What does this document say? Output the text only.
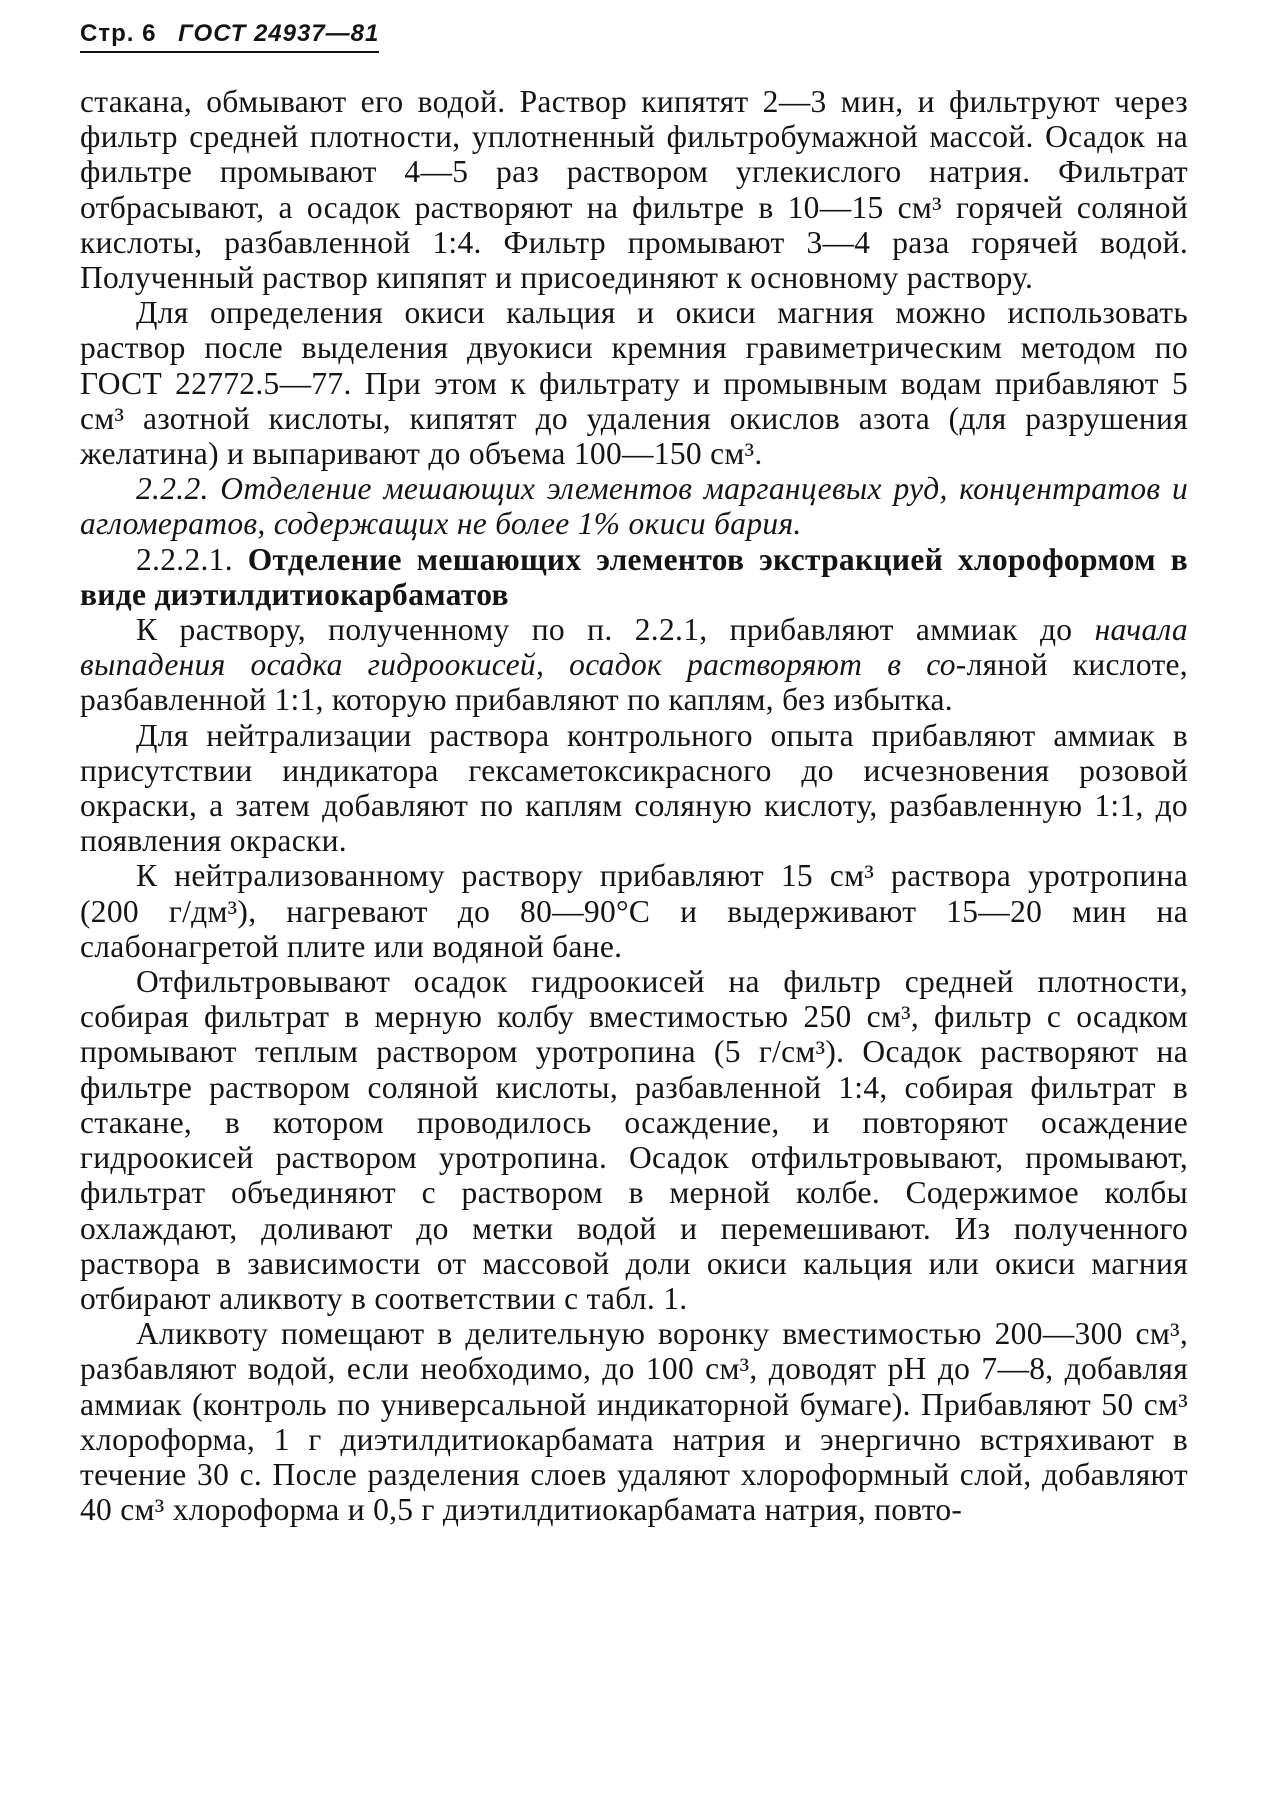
Стр. 6 ГОСТ 24937—81

стакана, обмывают его водой. Раствор кипятят 2—3 мин, и фильтруют через фильтр средней плотности, уплотненный фильтробумажной массой. Осадок на фильтре промывают 4—5 раз раствором углекислого натрия. Фильтрат отбрасывают, а осадок растворяют на фильтре в 10—15 см³ горячей соляной кислоты, разбавленной 1:4. Фильтр промывают 3—4 раза горячей водой. Полученный раствор кипяпят и присоединяют к основному раствору.

Для определения окиси кальция и окиси магния можно использовать раствор после выделения двуокиси кремния гравиметрическим методом по ГОСТ 22772.5—77. При этом к фильтрату и промывным водам прибавляют 5 см³ азотной кислоты, кипятят до удаления окислов азота (для разрушения желатина) и выпаривают до объема 100—150 см³.

2.2.2. Отделение мешающих элементов марганцевых руд, концентратов и агломератов, содержащих не более 1% окиси бария.

2.2.2.1. Отделение мешающих элементов экстракцией хлороформом в виде диэтилдитиокарбаматов

К раствору, полученному по п. 2.2.1, прибавляют аммиак до начала выпадения осадка гидроокисей, осадок растворяют в со-ляной кислоте, разбавленной 1:1, которую прибавляют по каплям, без избытка.

Для нейтрализации раствора контрольного опыта прибавляют аммиак в присутствии индикатора гексаметоксикрасного до исчезновения розовой окраски, а затем добавляют по каплям соляную кислоту, разбавленную 1:1, до появления окраски.

К нейтрализованному раствору прибавляют 15 см³ раствора уротропина (200 г/дм³), нагревают до 80—90°С и выдерживают 15—20 мин на слабонагретой плите или водяной бане.

Отфильтровывают осадок гидроокисей на фильтр средней плотности, собирая фильтрат в мерную колбу вместимостью 250 см³, фильтр с осадком промывают теплым раствором уротропина (5 г/см³). Осадок растворяют на фильтре раствором соляной кислоты, разбавленной 1:4, собирая фильтрат в стакане, в котором проводилось осаждение, и повторяют осаждение гидроокисей раствором уротропина. Осадок отфильтровывают, промывают, фильтрат объединяют с раствором в мерной колбе. Содержимое колбы охлаждают, доливают до метки водой и перемешивают. Из полученного раствора в зависимости от массовой доли окиси кальция или окиси магния отбирают аликвоту в соответствии с табл. 1.

Аликвоту помещают в делительную воронку вместимостью 200—300 см³, разбавляют водой, если необходимо, до 100 см³, доводят pH до 7—8, добавляя аммиак (контроль по универсальной индикаторной бумаге). Прибавляют 50 см³ хлороформа, 1 г диэтилдитиокарбамата натрия и энергично встряхивают в течение 30 с. После разделения слоев удаляют хлороформный слой, добавляют 40 см³ хлороформа и 0,5 г диэтилдитиокарбамата натрия, повто-
